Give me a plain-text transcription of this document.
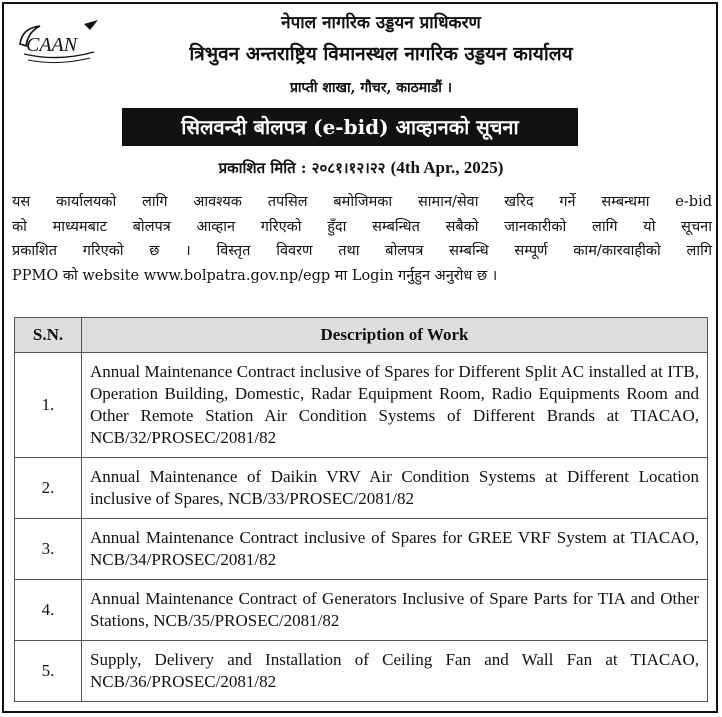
CAAN
नेपाल नागरिक उड्डयन प्राधिकरण
त्रिभुवन अन्तराष्ट्रिय विमानस्थल नागरिक उड्डयन कार्यालय
प्राप्ती शाखा, गौचर, काठमाडौं ।
सिलवन्दी बोलपत्र (e-bid) आव्हानको सूचना
प्रकाशित मिति : २०८१।१२।२२ (4th Apr., 2025)
यस कार्यालयको लागि आवश्यक तपसिल बमोजिमका सामान/सेवा खरिद गर्ने सम्बन्धमा e-bid
को माध्यमबाट बोलपत्र आव्हान गरिएको हुँदा सम्बन्धित सबैको जानकारीको लागि यो सूचना
प्रकाशित गरिएको छ । विस्तृत विवरण तथा बोलपत्र सम्बन्धि सम्पूर्ण काम/कारवाहीको लागि
PPMO को website www.bolpatra.gov.np/egp मा Login गर्नुहुन अनुरोध छ ।
S.N.	Description of Work
1.	Annual Maintenance Contract inclusive of Spares for Different Split AC installed at ITB, Operation Building, Domestic, Radar Equipment Room, Radio Equipments Room and Other Remote Station Air Condition Systems of Different Brands at TIACAO, NCB/32/PROSEC/2081/82
2.	Annual Maintenance of Daikin VRV Air Condition Systems at Different Location inclusive of Spares, NCB/33/PROSEC/2081/82
3.	Annual Maintenance Contract inclusive of Spares for GREE VRF System at TIACAO, NCB/34/PROSEC/2081/82
4.	Annual Maintenance Contract of Generators Inclusive of Spare Parts for TIA and Other Stations, NCB/35/PROSEC/2081/82
5.	Supply, Delivery and Installation of Ceiling Fan and Wall Fan at TIACAO, NCB/36/PROSEC/2081/82
